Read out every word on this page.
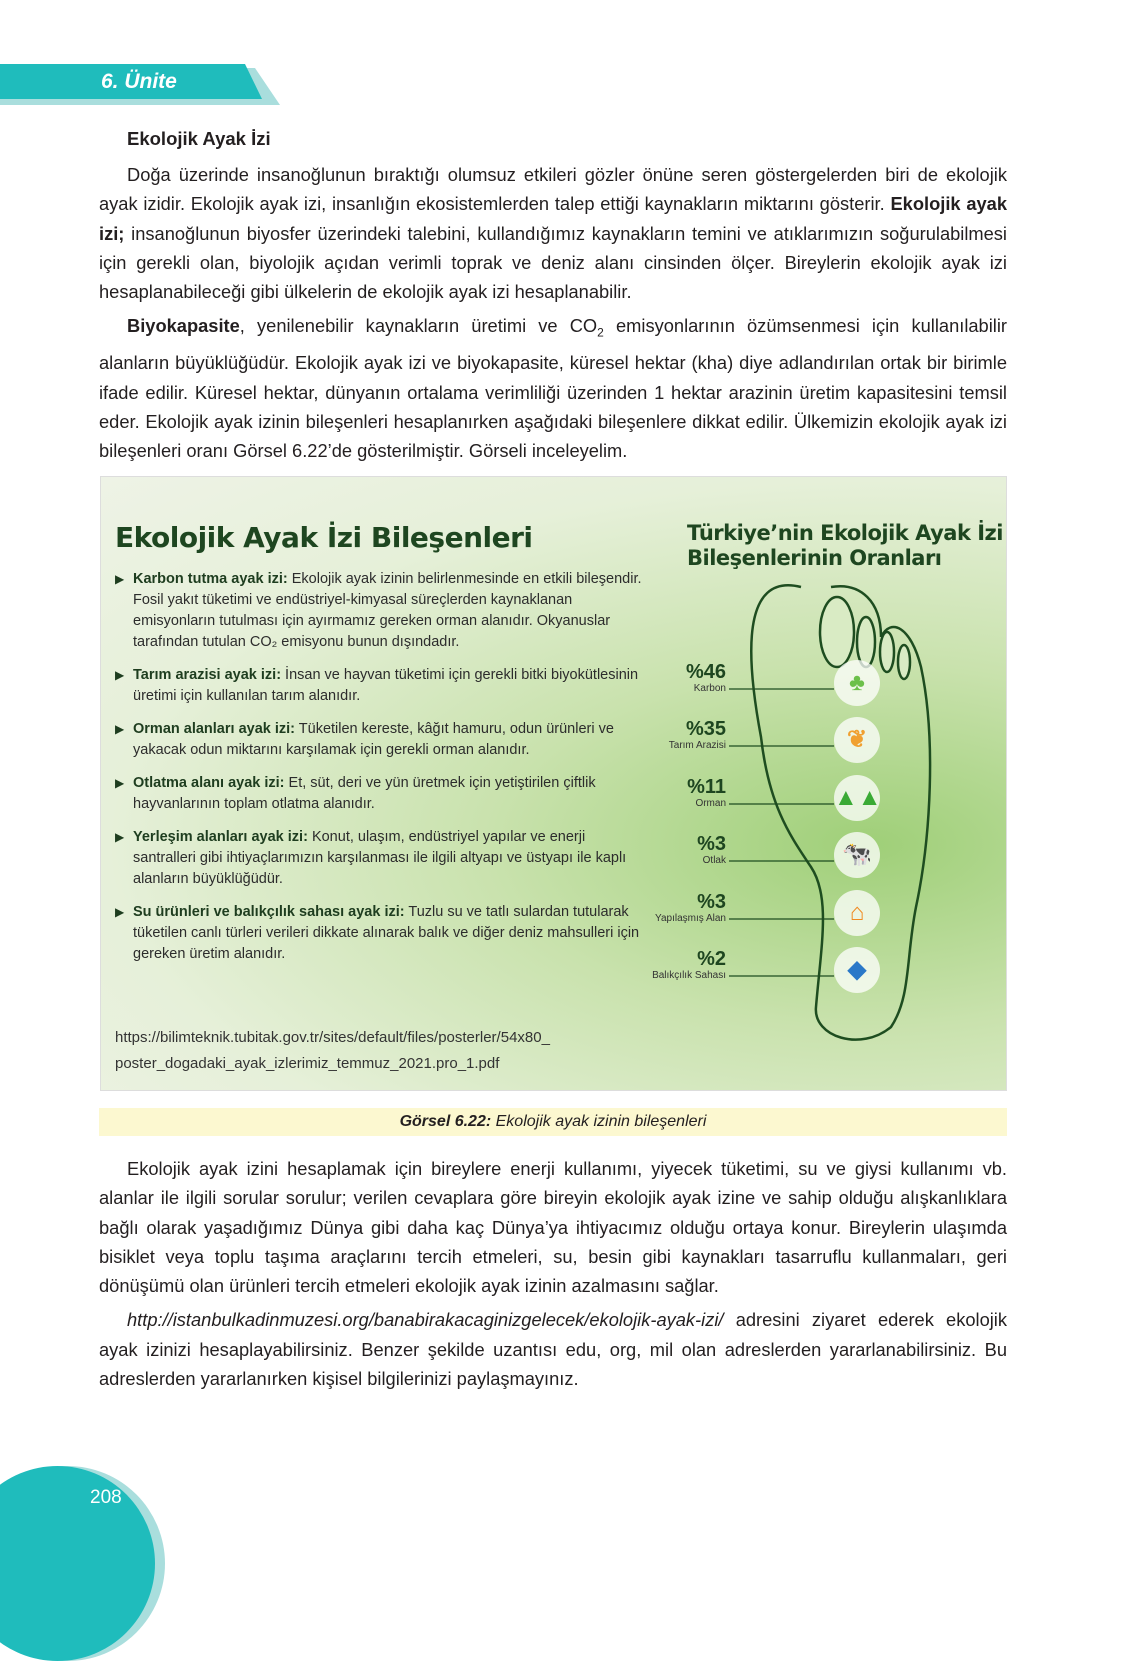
6. Ünite
Ekolojik Ayak İzi

Doğa üzerinde insanoğlunun bıraktığı olumsuz etkileri gözler önüne seren göstergelerden biri de ekolojik ayak izidir. Ekolojik ayak izi, insanlığın ekosistemlerden talep ettiği kaynakların miktarını gösterir. Ekolojik ayak izi; insanoğlunun biyosfer üzerindeki talebini, kullandığımız kaynakların temini ve atıklarımızın soğurulabilmesi için gerekli olan, biyolojik açıdan verimli toprak ve deniz alanı cinsinden ölçer. Bireylerin ekolojik ayak izi hesaplanabileceği gibi ülkelerin de ekolojik ayak izi hesaplanabilir.

Biyokapasite, yenilenebilir kaynakların üretimi ve $CO_2$ emisyonlarının özümsenmesi için kullanılabilir alanların büyüklüğüdür. Ekolojik ayak izi ve biyokapasite, küresel hektar (kha) diye adlandırılan ortak bir birimle ifade edilir. Küresel hektar, dünyanın ortalama verimliliği üzerinden 1 hektar arazinin üretim kapasitesini temsil eder. Ekolojik ayak izinin bileşenleri hesaplanırken aşağıdaki bileşenlere dikkat edilir. Ülkemizin ekolojik ayak izi bileşenleri oranı Görsel 6.22’de gösterilmiştir. Görseli inceleyelim.

Ekolojik Ayak İzi Bileşenleri
▶ Karbon tutma ayak izi: Ekolojik ayak izinin belirlenmesinde en etkili bileşendir. Fosil yakıt tüketimi ve endüstriyel-kimyasal süreçlerden kaynaklanan emisyonların tutulması için ayırmamız gereken orman alanıdır. Okyanuslar tarafından tutulan CO₂ emisyonu bunun dışındadır.
▶ Tarım arazisi ayak izi: İnsan ve hayvan tüketimi için gerekli bitki biyokütlesinin üretimi için kullanılan tarım alanıdır.
▶ Orman alanları ayak izi: Tüketilen kereste, kâğıt hamuru, odun ürünleri ve yakacak odun miktarını karşılamak için gerekli orman alanıdır.
▶ Otlatma alanı ayak izi: Et, süt, deri ve yün üretmek için yetiştirilen çiftlik hayvanlarının toplam otlatma alanıdır.
▶ Yerleşim alanları ayak izi: Konut, ulaşım, endüstriyel yapılar ve enerji santralleri gibi ihtiyaçlarımızın karşılanması ile ilgili altyapı ve üstyapı ile kaplı alanların büyüklüğüdür.
▶ Su ürünleri ve balıkçılık sahası ayak izi: Tuzlu su ve tatlı sulardan tutularak tüketilen canlı türleri verileri dikkate alınarak balık ve diğer deniz mahsulleri için gereken üretim alanıdır.
https://bilimteknik.tubitak.gov.tr/sites/default/files/posterler/54x80_
poster_dogadaki_ayak_izlerimiz_temmuz_2021.pro_1.pdf
Türkiye’nin Ekolojik Ayak İzi
Bileşenlerinin Oranları
%46
Karbon	♣
%35
Tarım Arazisi	❦
%11
Orman	▲▲
%3
Otlak	🐄
%3
Yapılaşmış Alan	⌂
%2
Balıkçılık Sahası	◆
Görsel 6.22: Ekolojik ayak izinin bileşenleri

Ekolojik ayak izini hesaplamak için bireylere enerji kullanımı, yiyecek tüketimi, su ve giysi kullanımı vb. alanlar ile ilgili sorular sorulur; verilen cevaplara göre bireyin ekolojik ayak izine ve sahip olduğu alışkanlıklara bağlı olarak yaşadığımız Dünya gibi daha kaç Dünya’ya ihtiyacımız olduğu ortaya konur. Bireylerin ulaşımda bisiklet veya toplu taşıma araçlarını tercih etmeleri, su, besin gibi kaynakları tasarruflu kullanmaları, geri dönüşümü olan ürünleri tercih etmeleri ekolojik ayak izinin azalmasını sağlar.

http://istanbulkadinmuzesi.org/banabirakacaginizgelecek/ekolojik-ayak-izi/ adresini ziyaret ederek ekolojik ayak izinizi hesaplayabilirsiniz. Benzer şekilde uzantısı edu, org, mil olan adreslerden yararlanabilirsiniz. Bu adreslerden yararlanırken kişisel bilgilerinizi paylaşmayınız.

208
